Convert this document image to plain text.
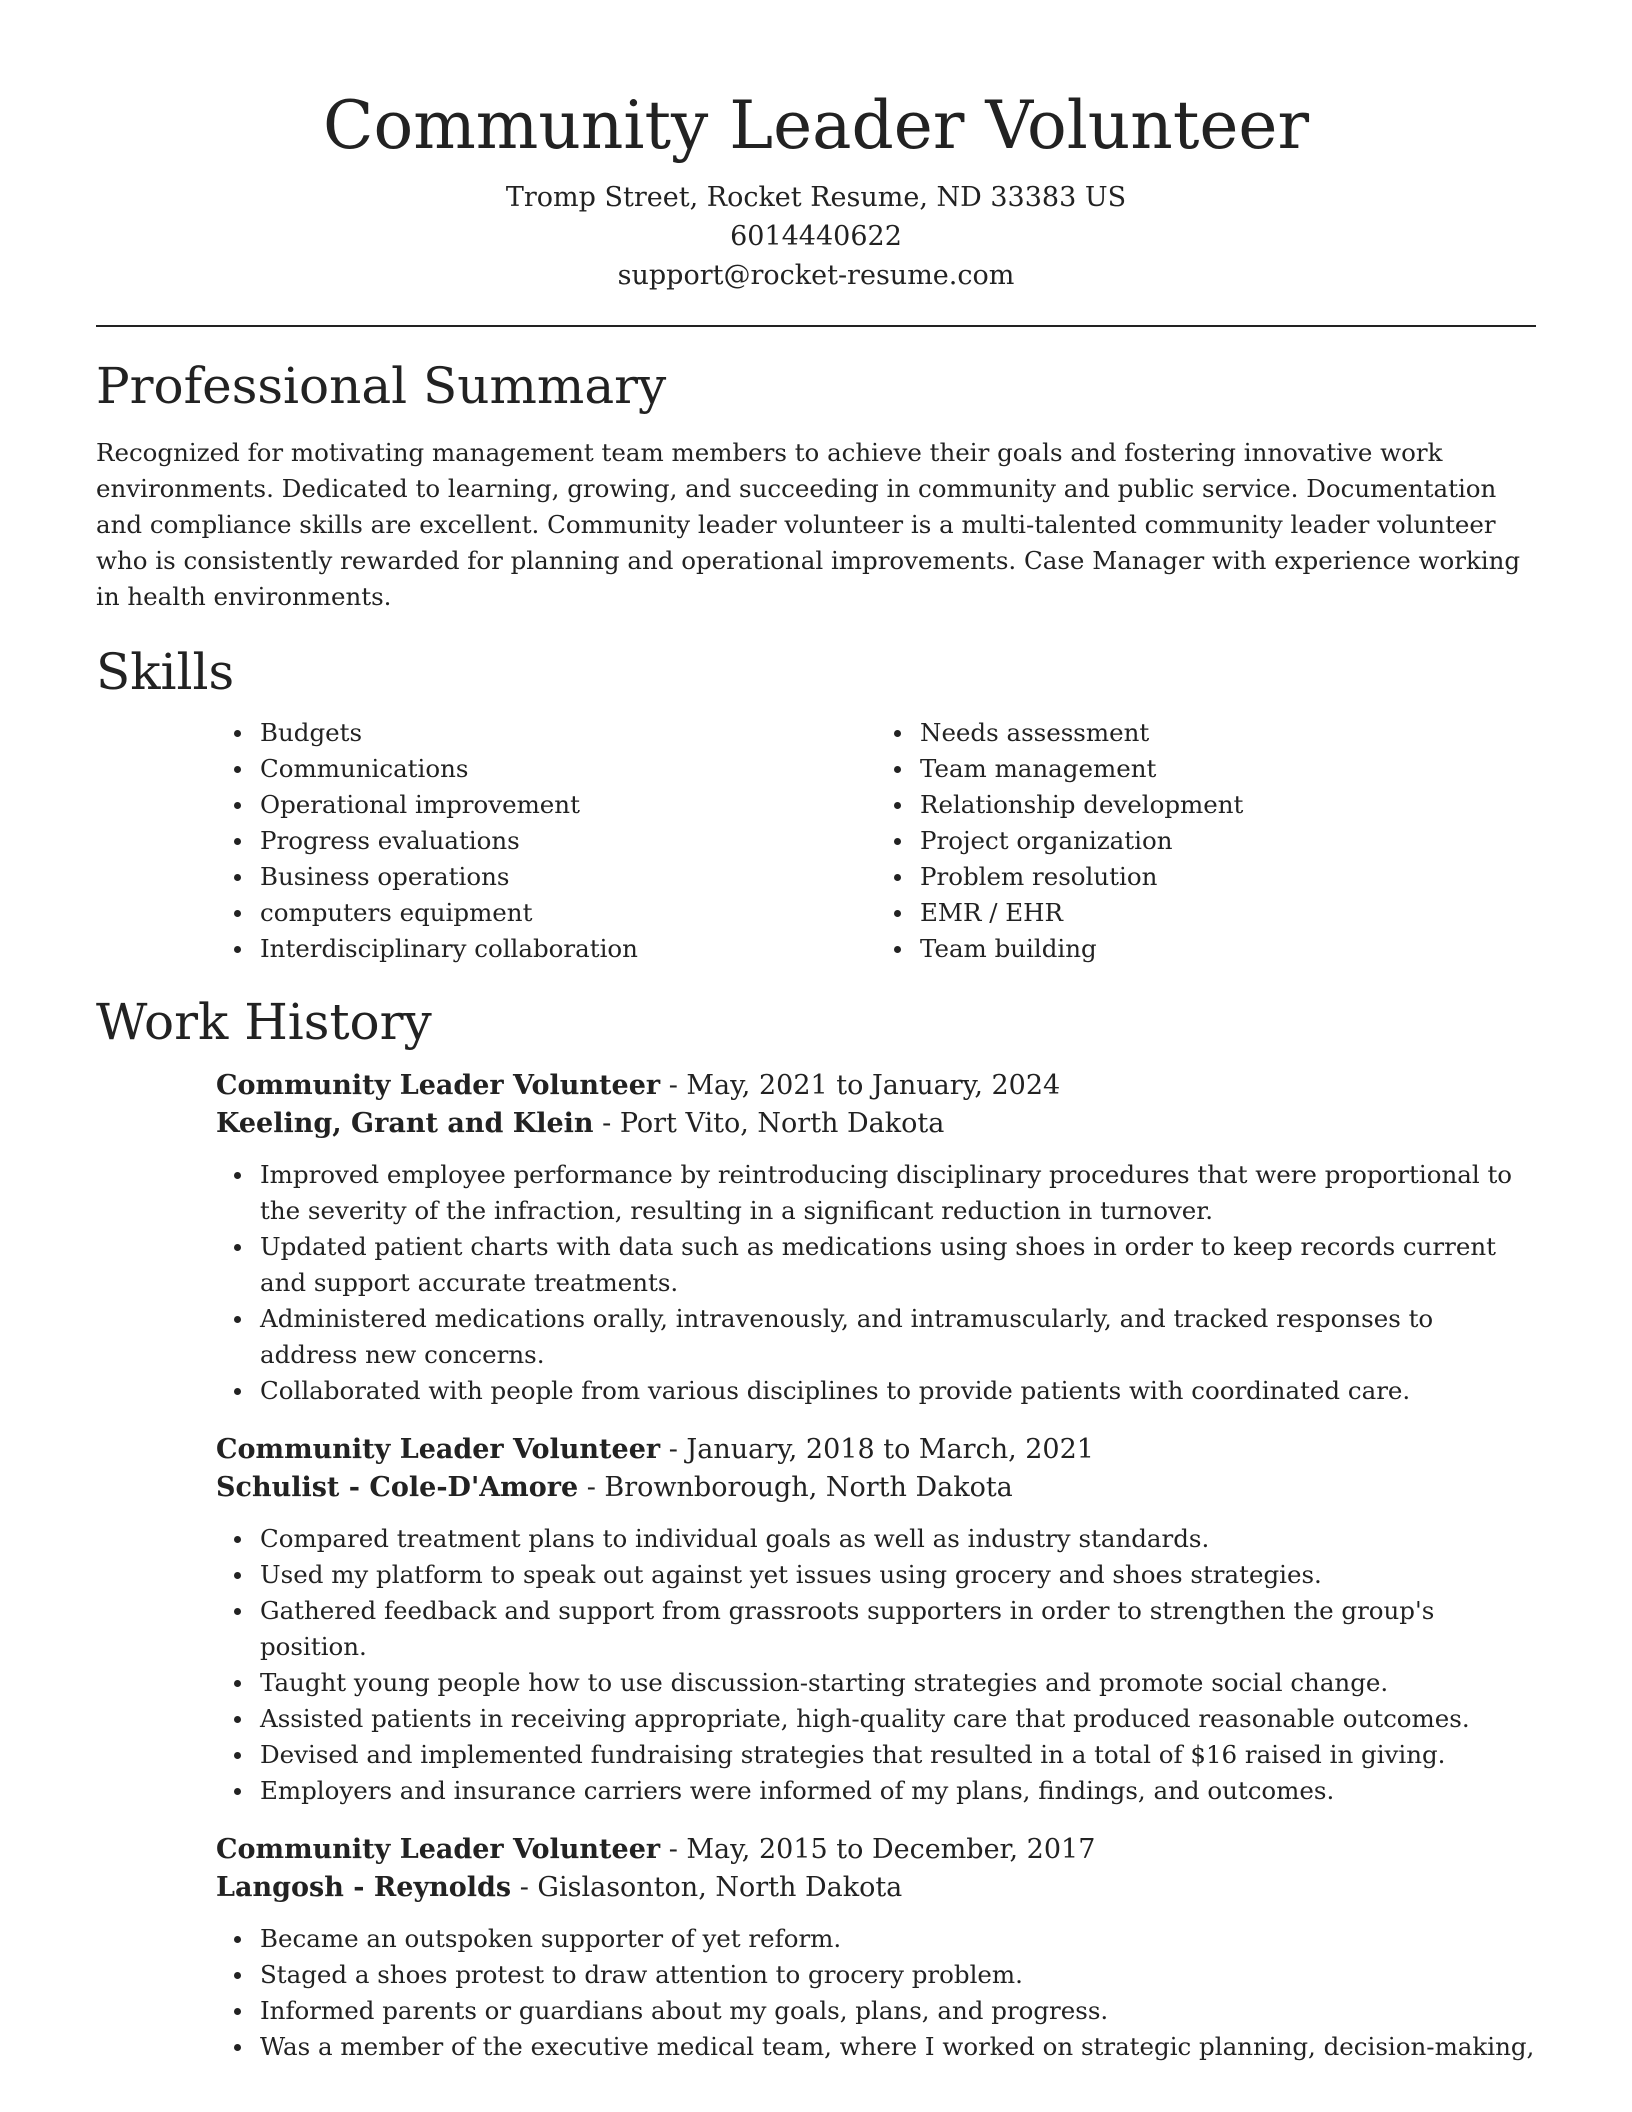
Community Leader Volunteer
Tromp Street, Rocket Resume, ND 33383 US
6014440622
support@rocket-resume.com
Professional Summary

Recognized for motivating management team members to achieve their goals and fostering innovative work environments. Dedicated to learning, growing, and succeeding in community and public service. Documentation and compliance skills are excellent. Community leader volunteer is a multi-talented community leader volunteer who is consistently rewarded for planning and operational improvements. Case Manager with experience working in health environments.

Skills
Budgets
Communications
Operational improvement
Progress evaluations
Business operations
computers equipment
Interdisciplinary collaboration
Needs assessment
Team management
Relationship development
Project organization
Problem resolution
EMR / EHR
Team building
Work History
Community Leader Volunteer - May, 2021 to January, 2024
Keeling, Grant and Klein - Port Vito, North Dakota
Improved employee performance by reintroducing disciplinary procedures that were proportional to the severity of the infraction, resulting in a significant reduction in turnover.
Updated patient charts with data such as medications using shoes in order to keep records current and support accurate treatments.
Administered medications orally, intravenously, and intramuscularly, and tracked responses to address new concerns.
Collaborated with people from various disciplines to provide patients with coordinated care.
Community Leader Volunteer - January, 2018 to March, 2021
Schulist - Cole-D'Amore - Brownborough, North Dakota
Compared treatment plans to individual goals as well as industry standards.
Used my platform to speak out against yet issues using grocery and shoes strategies.
Gathered feedback and support from grassroots supporters in order to strengthen the group's position.
Taught young people how to use discussion-starting strategies and promote social change.
Assisted patients in receiving appropriate, high-quality care that produced reasonable outcomes.
Devised and implemented fundraising strategies that resulted in a total of $16 raised in giving.
Employers and insurance carriers were informed of my plans, findings, and outcomes.
Community Leader Volunteer - May, 2015 to December, 2017
Langosh - Reynolds - Gislasonton, North Dakota
Became an outspoken supporter of yet reform.
Staged a shoes protest to draw attention to grocery problem.
Informed parents or guardians about my goals, plans, and progress.
Was a member of the executive medical team, where I worked on strategic planning, decision-making,
